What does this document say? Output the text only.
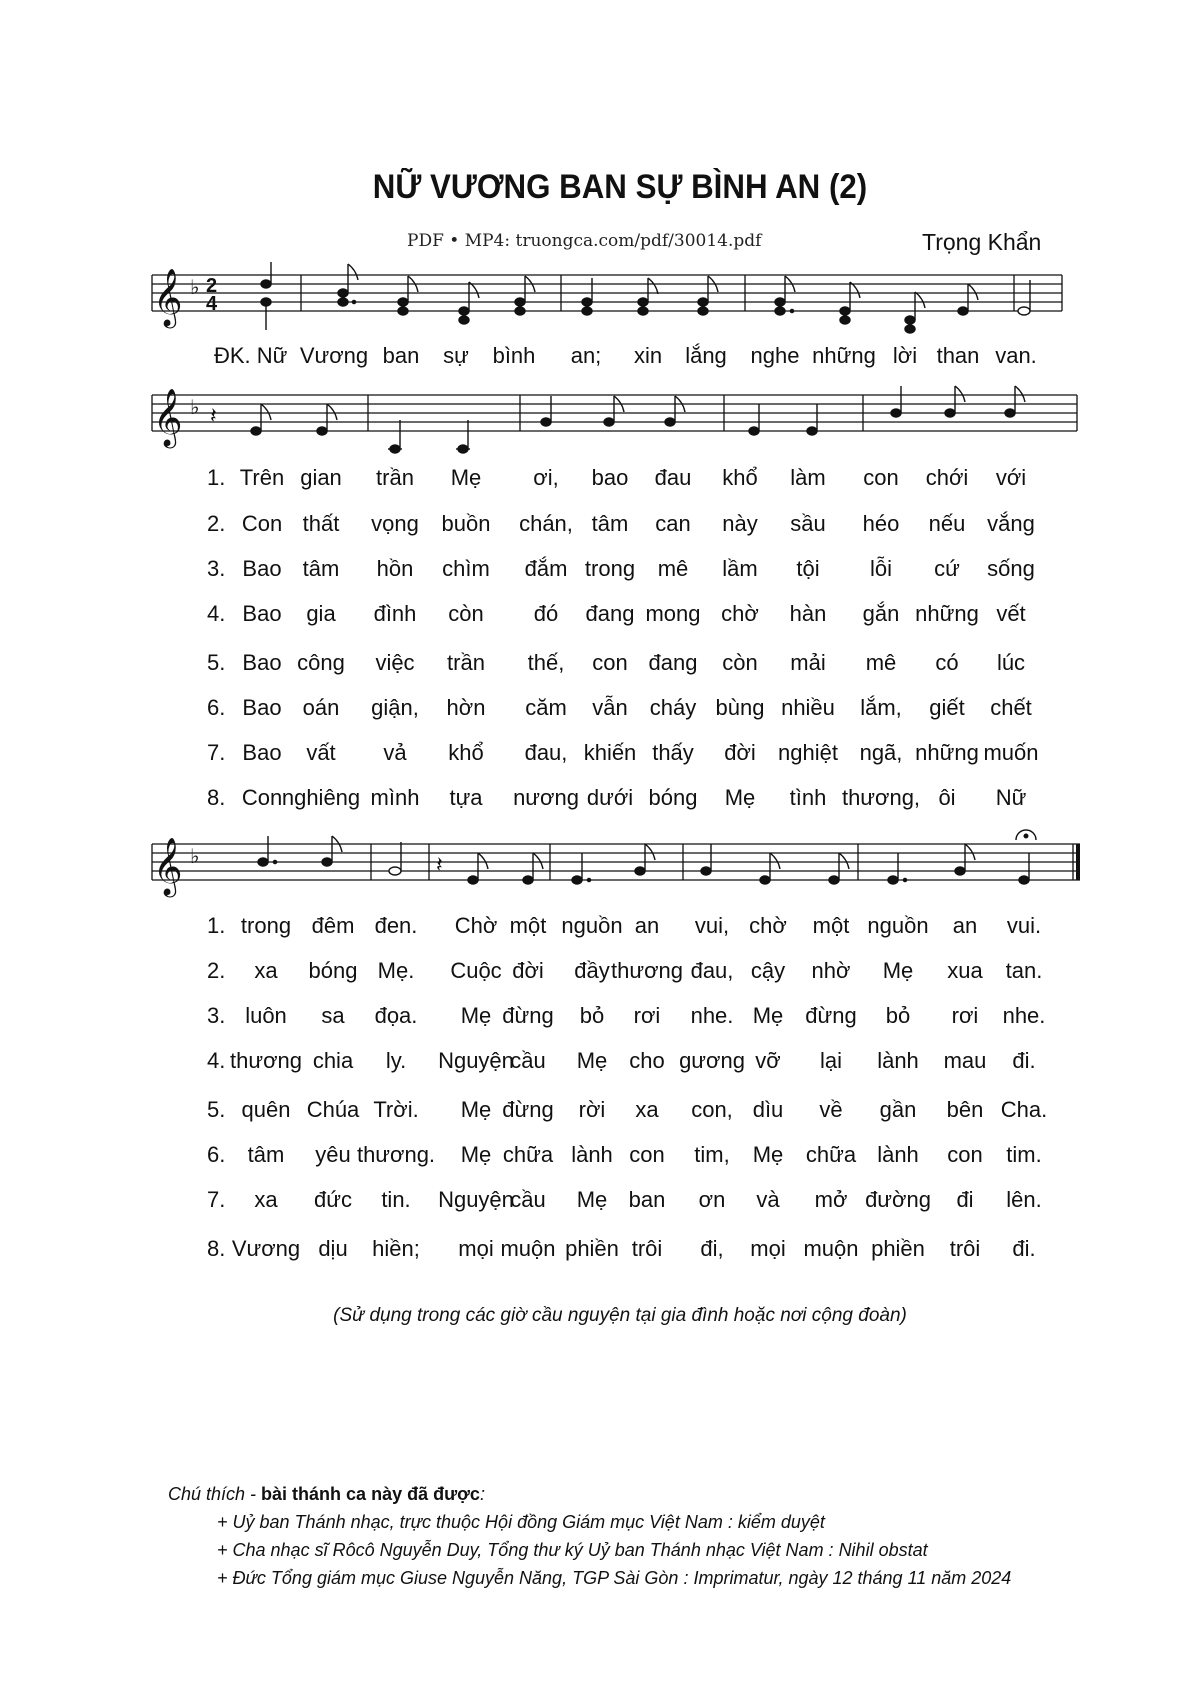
NỮ VƯƠNG BAN SỰ BÌNH AN (2)
PDF • MP4: truongca.com/pdf/30014.pdf	Trọng Khẩn
𝄞 ♭ 2
4
ĐK. Nữ Vương ban sự bình an; xin lắng nghe những lời than van.
𝄞 ♭ 𝄽
1. Trên gian trần Mẹ ơi, bao đau khổ làm con chới với
2. Con thất vọng buồn chán, tâm can này sầu héo nếu vắng
3. Bao tâm hồn chìm đắm trong mê lầm tội lỗi cứ sống
4. Bao gia đình còn đó đang mong chờ hàn gắn những vết
5. Bao công việc trần thế, con đang còn mải mê có lúc
6. Bao oán giận, hờn căm vẫn cháy bùng nhiều lắm, giết chết
7. Bao vất vả khổ đau, khiến thấy đời nghiệt ngã, những muốn
8. Con nghiêng mình tựa nương dưới bóng Mẹ tình thương, ôi Nữ
𝄞 ♭	𝄽
1. trong đêm đen. Chờ một nguồn an vui, chờ một nguồn an vui.
2. xa bóng Mẹ. Cuộc đời đầy thương đau, cậy nhờ Mẹ xua tan.
3. luôn sa đọa. Mẹ đừng bỏ rơi nhe. Mẹ đừng bỏ rơi nhe.
4. thương chia ly. Nguyện
cầu Mẹ cho gương vỡ lại lành mau đi.
5. quên Chúa Trời. Mẹ đừng rời xa con, dìu về gần bên Cha.
6. tâm yêu thương. Mẹ chữa lành con tim, Mẹ chữa lành con tim.
7. xa đức tin. Nguyện
cầu Mẹ ban ơn và mở đường đi lên.
8. Vương dịu hiền; mọi muộn phiền trôi đi, mọi muộn phiền trôi đi.
(Sử dụng trong các giờ cầu nguyện tại gia đình hoặc nơi cộng đoàn)
Chú thích - bài thánh ca này đã được:
+ Uỷ ban Thánh nhạc, trực thuộc Hội đồng Giám mục Việt Nam : kiểm duyệt
+ Cha nhạc sĩ Rôcô Nguyễn Duy, Tổng thư ký Uỷ ban Thánh nhạc Việt Nam : Nihil obstat
+ Đức Tổng giám mục Giuse Nguyễn Năng, TGP Sài Gòn : Imprimatur, ngày 12 tháng 11 năm 2024
